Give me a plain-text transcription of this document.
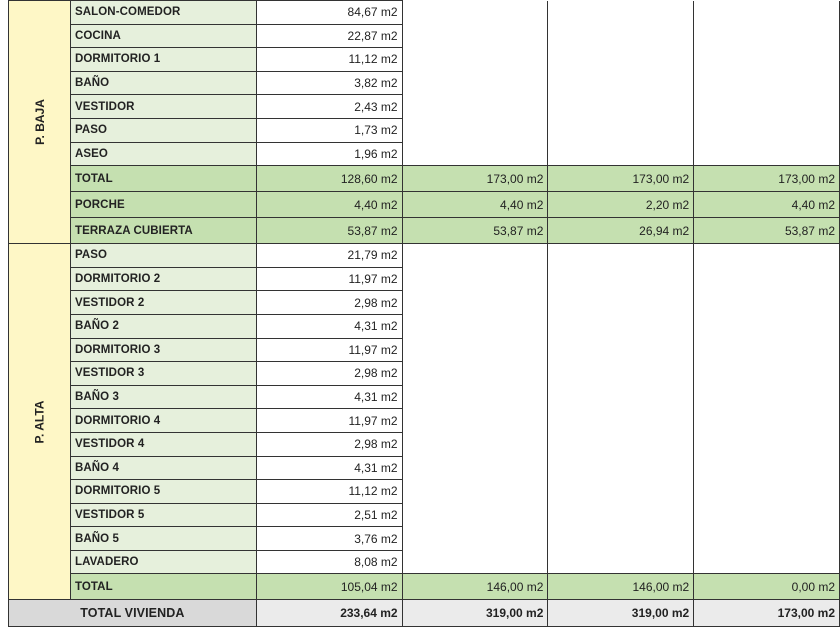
P. BAJA	SALON-COMEDOR	84,67 m2			
	COCINA	22,87 m2			
	DORMITORIO 1	11,12 m2			
	BAÑO	3,82 m2			
	VESTIDOR	2,43 m2			
	PASO	1,73 m2			
	ASEO	1,96 m2			
	TOTAL	128,60 m2	173,00 m2	173,00 m2	173,00 m2
	PORCHE	4,40 m2	4,40 m2	2,20 m2	4,40 m2
	TERRAZA CUBIERTA	53,87 m2	53,87 m2	26,94 m2	53,87 m2
P. ALTA	PASO	21,79 m2			
	DORMITORIO 2	11,97 m2			
	VESTIDOR 2	2,98 m2			
	BAÑO 2	4,31 m2			
	DORMITORIO 3	11,97 m2			
	VESTIDOR 3	2,98 m2			
	BAÑO 3	4,31 m2			
	DORMITORIO 4	11,97 m2			
	VESTIDOR 4	2,98 m2			
	BAÑO 4	4,31 m2			
	DORMITORIO 5	11,12 m2			
	VESTIDOR 5	2,51 m2			
	BAÑO 5	3,76 m2			
	LAVADERO	8,08 m2			
	TOTAL	105,04 m2	146,00 m2	146,00 m2	0,00 m2
TOTAL VIVIENDA		233,64 m2	319,00 m2	319,00 m2	173,00 m2
